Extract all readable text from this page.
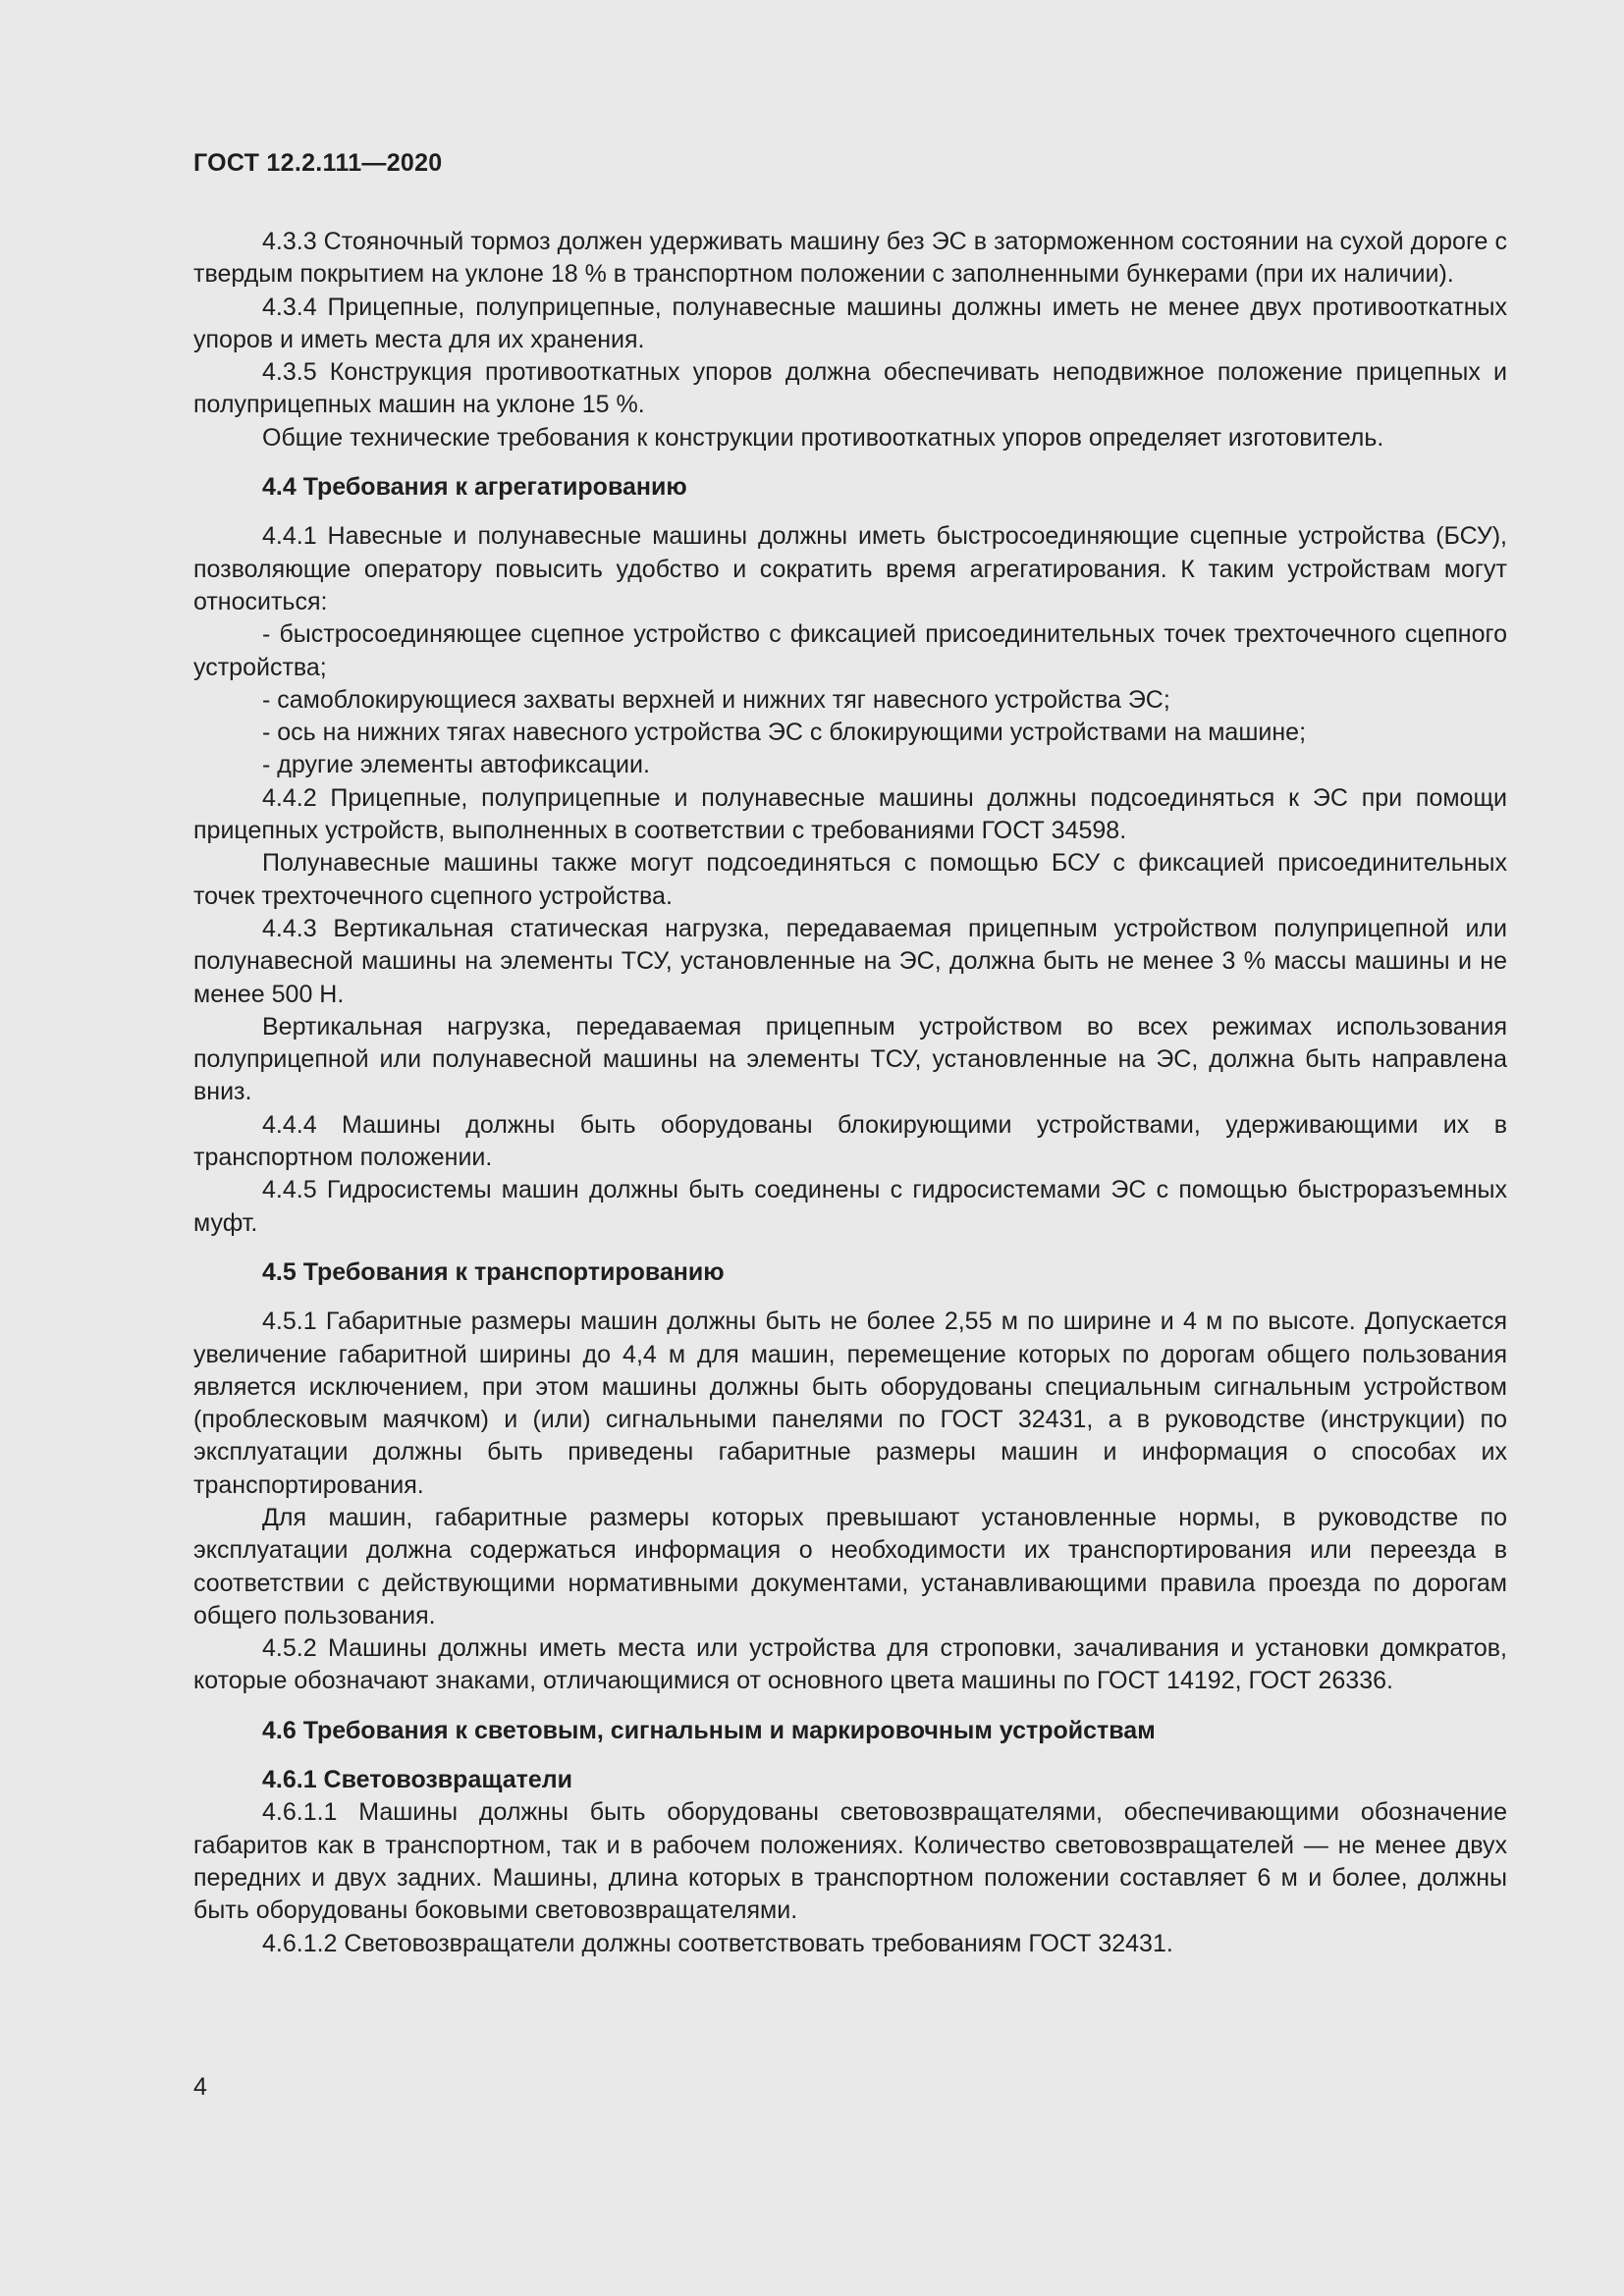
ГОСТ 12.2.111—2020

4.3.3 Стояночный тормоз должен удерживать машину без ЭС в заторможенном состоянии на сухой дороге с твердым покрытием на уклоне 18 % в транспортном положении с заполненными бункерами (при их наличии).

4.3.4 Прицепные, полуприцепные, полунавесные машины должны иметь не менее двух противооткатных упоров и иметь места для их хранения.

4.3.5 Конструкция противооткатных упоров должна обеспечивать неподвижное положение прицепных и полуприцепных машин на уклоне 15 %.

Общие технические требования к конструкции противооткатных упоров определяет изготовитель.

4.4 Требования к агрегатированию

4.4.1 Навесные и полунавесные машины должны иметь быстросоединяющие сцепные устройства (БСУ), позволяющие оператору повысить удобство и сократить время агрегатирования. К таким устройствам могут относиться:

- быстросоединяющее сцепное устройство с фиксацией присоединительных точек трехточечного сцепного устройства;

- самоблокирующиеся захваты верхней и нижних тяг навесного устройства ЭС;

- ось на нижних тягах навесного устройства ЭС с блокирующими устройствами на машине;

- другие элементы автофиксации.

4.4.2 Прицепные, полуприцепные и полунавесные машины должны подсоединяться к ЭС при помощи прицепных устройств, выполненных в соответствии с требованиями ГОСТ 34598.

Полунавесные машины также могут подсоединяться с помощью БСУ с фиксацией присоединительных точек трехточечного сцепного устройства.

4.4.3 Вертикальная статическая нагрузка, передаваемая прицепным устройством полуприцепной или полунавесной машины на элементы ТСУ, установленные на ЭС, должна быть не менее 3 % массы машины и не менее 500 Н.

Вертикальная нагрузка, передаваемая прицепным устройством во всех режимах использования полуприцепной или полунавесной машины на элементы ТСУ, установленные на ЭС, должна быть направлена вниз.

4.4.4 Машины должны быть оборудованы блокирующими устройствами, удерживающими их в транспортном положении.

4.4.5 Гидросистемы машин должны быть соединены с гидросистемами ЭС с помощью быстроразъемных муфт.

4.5 Требования к транспортированию

4.5.1 Габаритные размеры машин должны быть не более 2,55 м по ширине и 4 м по высоте. Допускается увеличение габаритной ширины до 4,4 м для машин, перемещение которых по дорогам общего пользования является исключением, при этом машины должны быть оборудованы специальным сигнальным устройством (проблесковым маячком) и (или) сигнальными панелями по ГОСТ 32431, а в руководстве (инструкции) по эксплуатации должны быть приведены габаритные размеры машин и информация о способах их транспортирования.

Для машин, габаритные размеры которых превышают установленные нормы, в руководстве по эксплуатации должна содержаться информация о необходимости их транспортирования или переезда в соответствии с действующими нормативными документами, устанавливающими правила проезда по дорогам общего пользования.

4.5.2 Машины должны иметь места или устройства для строповки, зачаливания и установки домкратов, которые обозначают знаками, отличающимися от основного цвета машины по ГОСТ 14192, ГОСТ 26336.

4.6 Требования к световым, сигнальным и маркировочным устройствам
4.6.1 Световозвращатели

4.6.1.1 Машины должны быть оборудованы световозвращателями, обеспечивающими обозначение габаритов как в транспортном, так и в рабочем положениях. Количество световозвращателей — не менее двух передних и двух задних. Машины, длина которых в транспортном положении составляет 6 м и более, должны быть оборудованы боковыми световозвращателями.

4.6.1.2 Световозвращатели должны соответствовать требованиям ГОСТ 32431.

4
